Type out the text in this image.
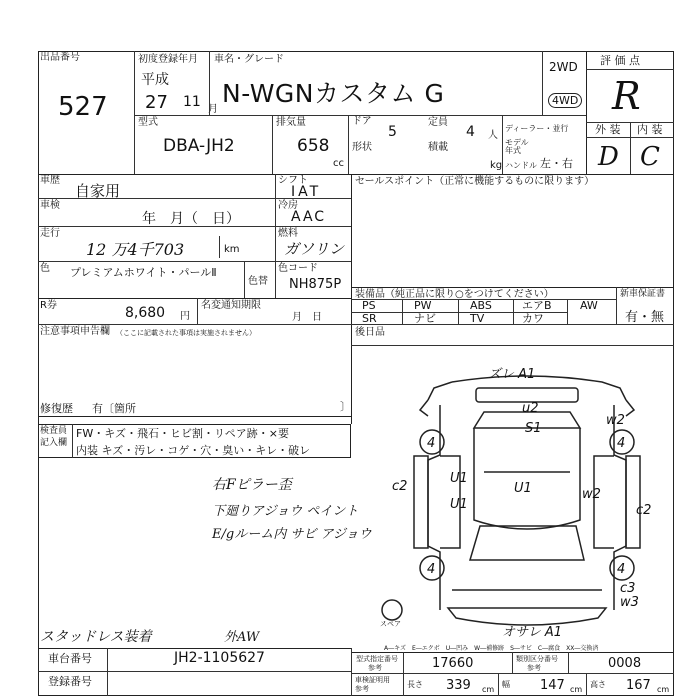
出品番号
527
初度登録年月 車名・グレード
平成
27 11 月
N-WGNカスタム G
2WD
4WD
評 価 点
R
外 装 内 装
D C
型式
DBA-JH2
排気量
658
cc
ドア
5
定員
4 人
形状	積載
kg
ディーラー・並行
モデル 年式
ハンドル 左・右
車歴
自家用
シフト
IAT
セールスポイント（正常に機能するものに限ります）
車検
年　月（　日）
冷房
AAC
走行
12 万4千703	km
燃料
ガソリン
色 プレミアムホワイト・パールⅡ
色替
色コード
NH875P
R券	8,680 円
名変通知期限
月　日
注意事項申告欄 （ここに記載された事項は実施されません）
修復歴 有〔箇所	〕
装備品（純正品に限り○をつけてください）	新車保証書
有・無
PS	PW	ABS	エアB	AW
SR	ナビ	TV	カワ
後日品
検査員
記入欄
FW・キズ・飛石・ヒビ割・リペア跡・×要
内装 キズ・汚レ・コゲ・穴・臭い・キレ・破レ
右Fピラー歪
下廻りアジョウ ペイント
E/gルーム内 サビ アジョウ
スタッドレス装着	外AW
4	4
4	4
ズレ A1
u2
S1
w2
U1
U1
U1
w2
c2
c2
c3
w3
オサレ A1
スペア
A―キズ　E―エクボ　U―凹み　W―補修跡　S―サビ　C―腐食　XX―交換済
車台番号	JH2-1105627
登録番号
型式指定番号
参考	17660	類別区分番号
参考	0008
車検証明用 参考	長さ 339 cm
幅 147 cm
高さ 167 cm
